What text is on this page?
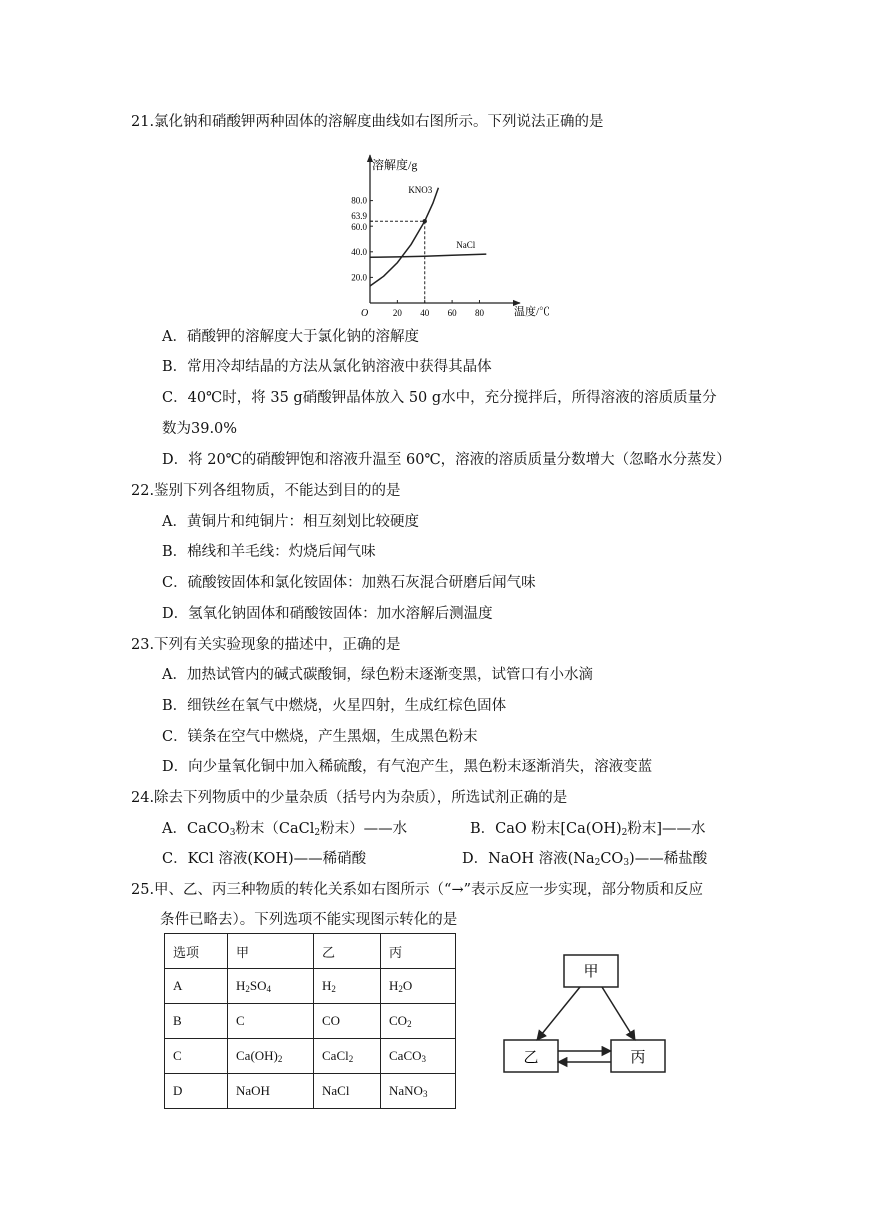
21.氯化钠和硝酸钾两种固体的溶解度曲线如右图所示。下列说法正确的是
溶解度/g
温度/℃
O	20 40 60 80
20.0
40.0
60.0
63.9
80.0
KNO3
NaCl
A．硝酸钾的溶解度大于氯化钠的溶解度
B．常用冷却结晶的方法从氯化钠溶液中获得其晶体
C．40℃时，将 35 g硝酸钾晶体放入 50 g水中，充分搅拌后，所得溶液的溶质质量分
数为39.0%
D．将 20℃的硝酸钾饱和溶液升温至 60℃，溶液的溶质质量分数增大（忽略水分蒸发）
22.鉴别下列各组物质，不能达到目的的是
A．黄铜片和纯铜片：相互刻划比较硬度
B．棉线和羊毛线：灼烧后闻气味
C．硫酸铵固体和氯化铵固体：加熟石灰混合研磨后闻气味
D．氢氧化钠固体和硝酸铵固体：加水溶解后测温度
23.下列有关实验现象的描述中，正确的是
A．加热试管内的碱式碳酸铜，绿色粉末逐渐变黑，试管口有小水滴
B．细铁丝在氧气中燃烧，火星四射，生成红棕色固体
C．镁条在空气中燃烧，产生黑烟，生成黑色粉末
D．向少量氧化铜中加入稀硫酸，有气泡产生，黑色粉末逐渐消失，溶液变蓝
24.除去下列物质中的少量杂质（括号内为杂质），所选试剂正确的是
A．CaCO$_3$粉末（CaCl$_2$粉末）——水	B．CaO 粉末[$Ca(OH)_2$粉末]——水
C．KCl 溶液(KOH)——稀硝酸	D．NaOH 溶液$(Na_2CO_3)——$稀盐酸
25.甲、乙、丙三种物质的转化关系如右图所示（“→”表示反应一步实现，部分物质和反应
条件已略去）。下列选项不能实现图示转化的是
选项	甲	乙	丙
A	$H_2SO_4$	$H_2$	$H_2O$
B	C	CO	$CO_2$
C	$Ca(OH)_2$	CaCl$_2$	CaCO$_3$
D	NaOH	NaCl	NaNO$_3$
甲
乙	丙
